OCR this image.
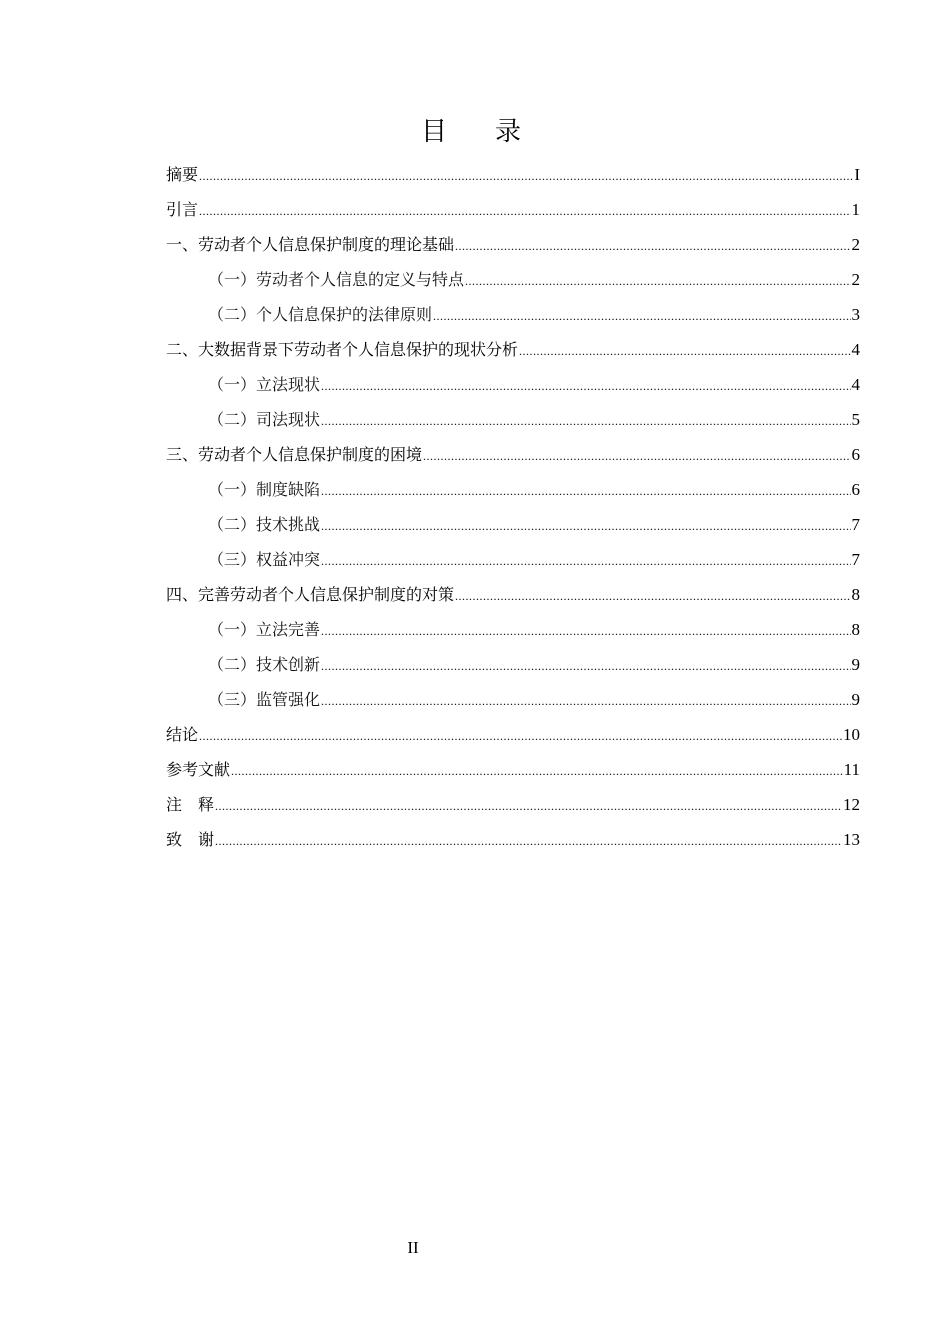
目录
摘要 .....	I
引言 .....	1
一、劳动者个人信息保护制度的理论基础 .....	2
（一）劳动者个人信息的定义与特点 .....	2
（二）个人信息保护的法律原则 .....	3
二、大数据背景下劳动者个人信息保护的现状分析 .....	4
（一）立法现状 .....	4
（二）司法现状 .....	5
三、劳动者个人信息保护制度的困境 .....	6
（一）制度缺陷 .....	6
（二）技术挑战 .....	7
（三）权益冲突 .....	7
四、完善劳动者个人信息保护制度的对策 .....	8
（一）立法完善 .....	8
（二）技术创新 .....	9
（三）监管强化 .....	9
结论 .....	10
参考文献 .....	11
注　释 .....	12
致　谢 .....	13
II
